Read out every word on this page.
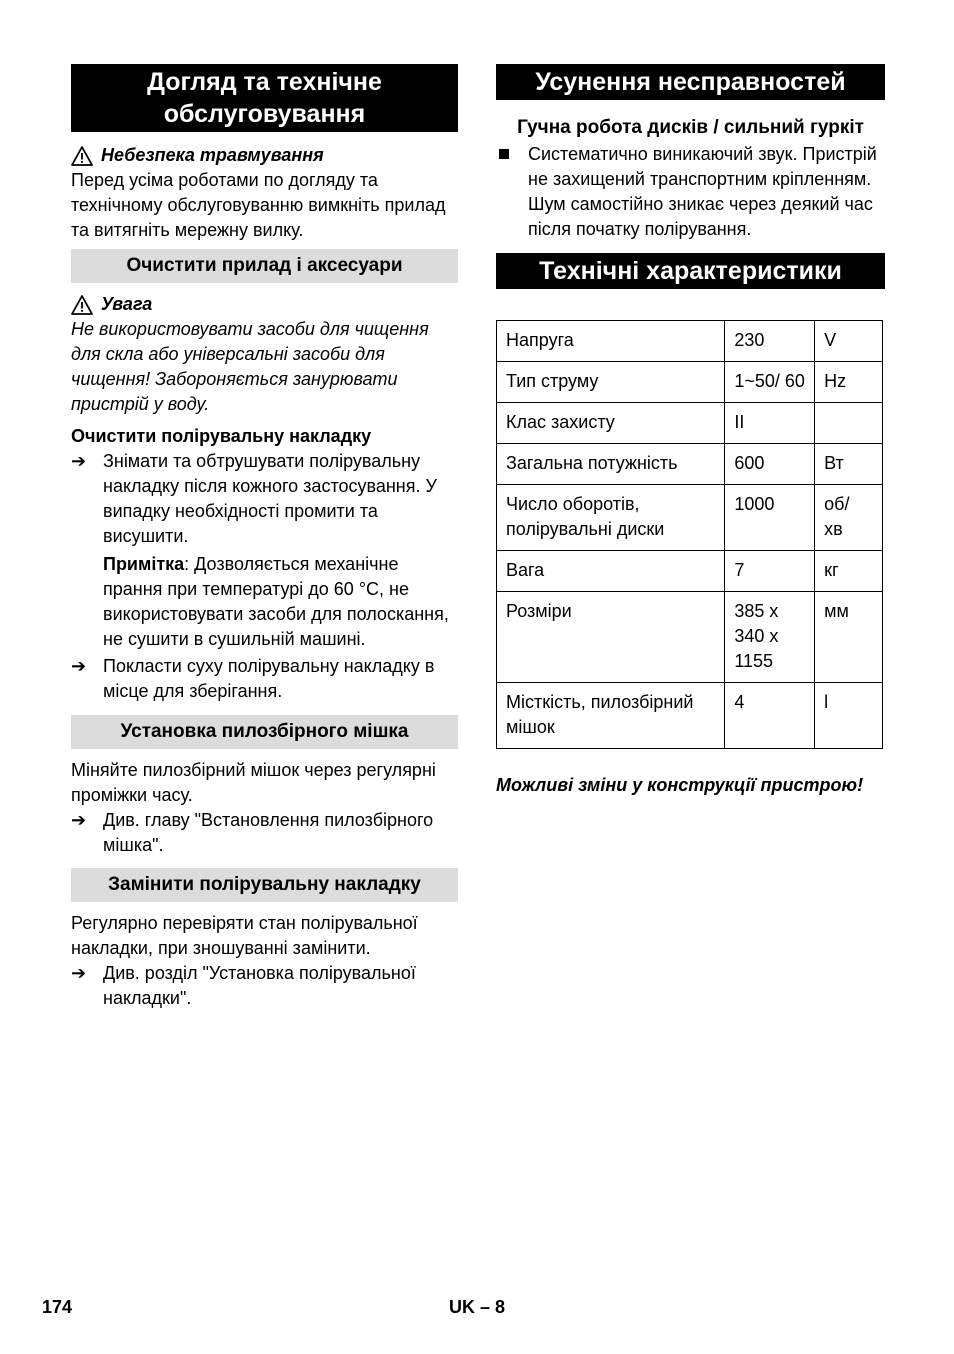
Догляд та технічне обслуговування
Небезпека травмування
Перед усіма роботами по догляду та технічному обслуговуванню вимкніть прилад та витягніть мережну вилку.
Очистити прилад і аксесуари
Увага
Не використовувати засоби для чищення для скла або універсальні засоби для чищення! Забороняється занурювати пристрій у воду.
Очистити полірувальну накладку
➔ Знімати та обтрушувати полірувальну накладку після кожного застосування. У випадку необхідності промити та висушити.
Примітка: Дозволяється механічне прання при температурі до 60 °C, не використовувати засоби для полоскання, не сушити в сушильній машині.
➔ Покласти суху полірувальну накладку в місце для зберігання.
Установка пилозбірного мішка
Міняйте пилозбірний мішок через регулярні проміжки часу.
➔ Див. главу "Встановлення пилозбірного мішка".
Замінити полірувальну накладку
Регулярно перевіряти стан полірувальної накладки, при зношуванні замінити.
➔ Див. розділ "Установка полірувальної накладки".
Усунення несправностей
Гучна робота дисків / сильний гуркіт
Систематично виникаючий звук. Пристрій не захищений транспортним кріпленням. Шум самостійно зникає через деякий час після початку полірування.
Технічні характеристики
Напруга	230	V
Тип струму	1~50/ 60	Hz
Клас захисту	II	
Загальна потужність	600	Вт
Число оборотів, полірувальні диски	1000	об/ хв
Вага	7	кг
Розміри	385 x 340 x 1155	мм
Місткість, пилозбірний мішок	4	l
Можливі зміни у конструкції пристрою!
174	UK – 8
